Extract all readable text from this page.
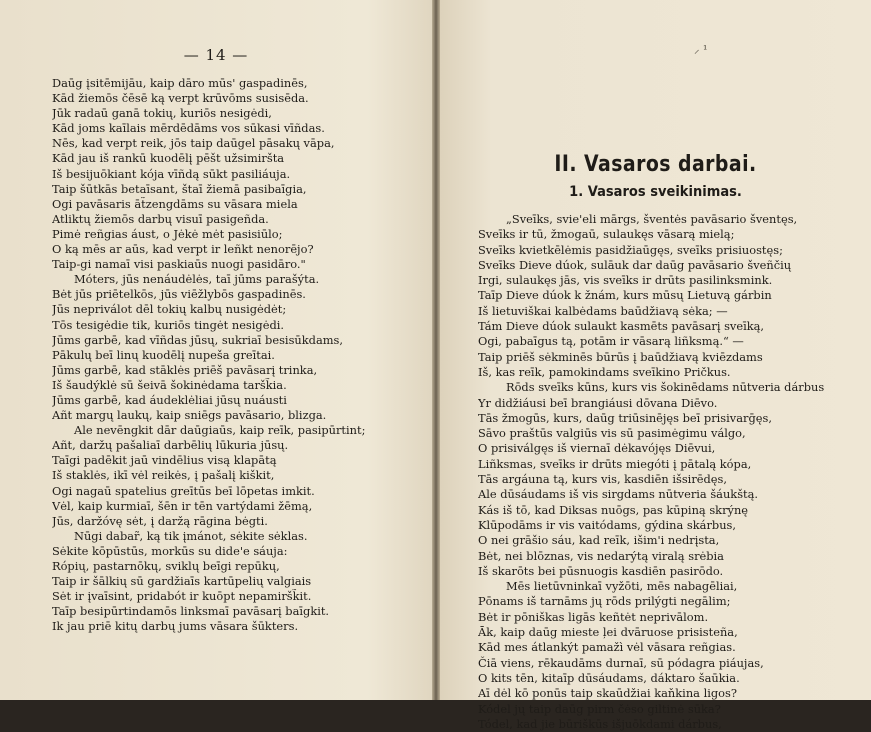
— 14 —
Daūg įsitēmijāu, kaip dāro mūs' gaspadinēs,
Kād žiemōs čēsē ką verpt krūvōms susisēda.
Jūk radaū ganā tokių, kuriōs nesigėdi,
Kād joms kaīlais mērdēdāms vos sūkasi vīñdas.
Nēs, kad verpt reik, jōs taip daūgel pāsakų vāpa,
Kād jau iš rankū kuodēlį pēšt užsimiršta
Iš besijuōkiant kója vīñdą sūkt pasiliáuja.
Taip šūtkās betaīsant, štaī žiemā pasibaīgia,
Ogi pavāsaris āt̃zengdāms su vāsara miela
Atliktų žiemōs darbų visuī pasigeñda.
Pimė reñgias áust, o Jėkė mėt pasisiūlo;
O ką mēs ar aūs, kad verpt ir leñkt nenorējo?
Taip-gi namaī visi paskiaūs nuogi pasidāro."
Móters, jūs nenáudėlės, taī jūms parašýta.
Bėt jūs priētelkōs, jūs viēžlybōs gaspadinēs.
Jūs nepriválot dēl tokių kalbų nusigėdėt;
Tōs tesigėdie tik, kuriōs tingėt nesigėdi.
Jūms garbē, kad vīñdas jūsų, sukriaī besisūkdams,
Pākulų beī linų kuodēlį nupeša greītai.
Jūms garbē, kad stāklės priēš pavāsarį trinka,
Iš šaudýklė sū šeivā šokinėdama taršk̃ia.
Jūms garbē, kad áudeklėliai jūsų nuáusti
Añt margų laukų, kaip sniēgs pavāsario, blizga.
Ale nevēngkit dār daūgiaūs, kaip reīk, pasipūrtint;
Añt, daržų pašaliaī darbēlių lūkuria jūsų.
Taīgi padēkit jaū vindēlius visą klapātą
Iš staklės, ikī vėl reikės, į pašalį kiškit,
Ogi nagaū spatelius greītūs beī lōpetas imkit.
Vėl, kaip kurmiaī, šēn ir tēn vartýdami žēmą,
Jūs, daržóvę sėt, į daržą rāgina bėgti.
Nūgi dabar̃, ką tik įmánot, sėkite sėklas.
Sėkite kōpūstūs, morkūs su dide'e sáuja:
Rópių, pastarnōkų, sviklų beīgi repūkų,
Taip ir šālkių sū gardžiaīs kartūpelių valgiais
Sėt ir įvaīsint, pridabót ir kuōpt nepamiršk̃it.
Taīp besipūrtindamōs linksmaī pavāsarį baīgkit.
Ik jau priē kitų darbų jums vāsara šūkters.
⸝ ¹
II. Vasaros darbai.
1. Vasaros sveikinimas.
„Sveīks, svie'eli mārgs, šventės pavāsario šventęs,
Sveīks ir tū, žmogaū, sulaukęs vāsarą mielą;
Sveīks kvietkēlėmis pasidžiaūgęs, sveīks prisiuostęs;
Sveīks Dieve dúok, sulāuk dar daūg pavāsario šveñčių
Irgi, sulaukęs jās, vis sveīks ir drūts pasilinksmink.
Taīp Dieve dúok k žnám, kurs mūsų Lietuvą gárbin
Iš lietuviškai kalbėdams baūdžiavą sėka; —
Tám Dieve dúok sulaukt kasmēts pavāsarį sveīką,
Ogi, pabaīgus tą, potām ir vāsarą liñksmą.“ —
Taip priēš sėkminēs būrūs į baūdžiavą kviēzdams
Iš, kas reīk, pamokindams sveīkino Pričkus.
Rōds sveīks kūns, kurs vis šokinēdams nūtveria dárbus
Yr didžiáusi beī brangiáusi dōvana Diēvo.
Tās žmogūs, kurs, daūg triūsinējęs beī prisivarḡęs,
Sāvo praštūs valgiūs vis sū pasimėgimu válgo,
O prisiválgęs iš viernaī dėkavójęs Diēvui,
Liñksmas, sveīks ir drūts miegóti į pātalą kópa,
Tās argáuna tą, kurs vis, kasdiēn išsirēdęs,
Ale dūsáudams iš vis sirgdams nūtveria šáukštą.
Kás iš tō, kad Diksas nuōgs, pas kūpiną skrýnę
Klūpodāms ir vis vaitódams, gýdina skárbus,
O nei grāšio sáu, kad reīk, išim'i nedrįsta,
Bėt, nei blōznas, vis nedarýtą viralą srėbia
Iš skarōts bei pūsnuogis kasdiēn pasirōdo.
Mēs lietūvninkaī vyžōti, mēs nabagēliai,
Pōnams iš tarnāms jų rōds prilýgti negālim;
Bėt ir pōniškas ligās keñtėt neprivālom.
Āk, kaip daūg mieste ļei dvāruose prisisteña,
Kād mes átlankýt pamažì vėl vāsara reñgias.
Čiā viens, rēkaudāms durnaī, sū pódagra piáujas,
O kits tēn, kitaīp dūsáudams, dáktaro šaūkia.
Aī dėl kō ponūs taip skaūdžiai kaňkina ligos?
Kódel jų taip daūg pirm čėso giltinė sūka?
Tódel, kad jie būriškūs išjuōkdami dárbus,
